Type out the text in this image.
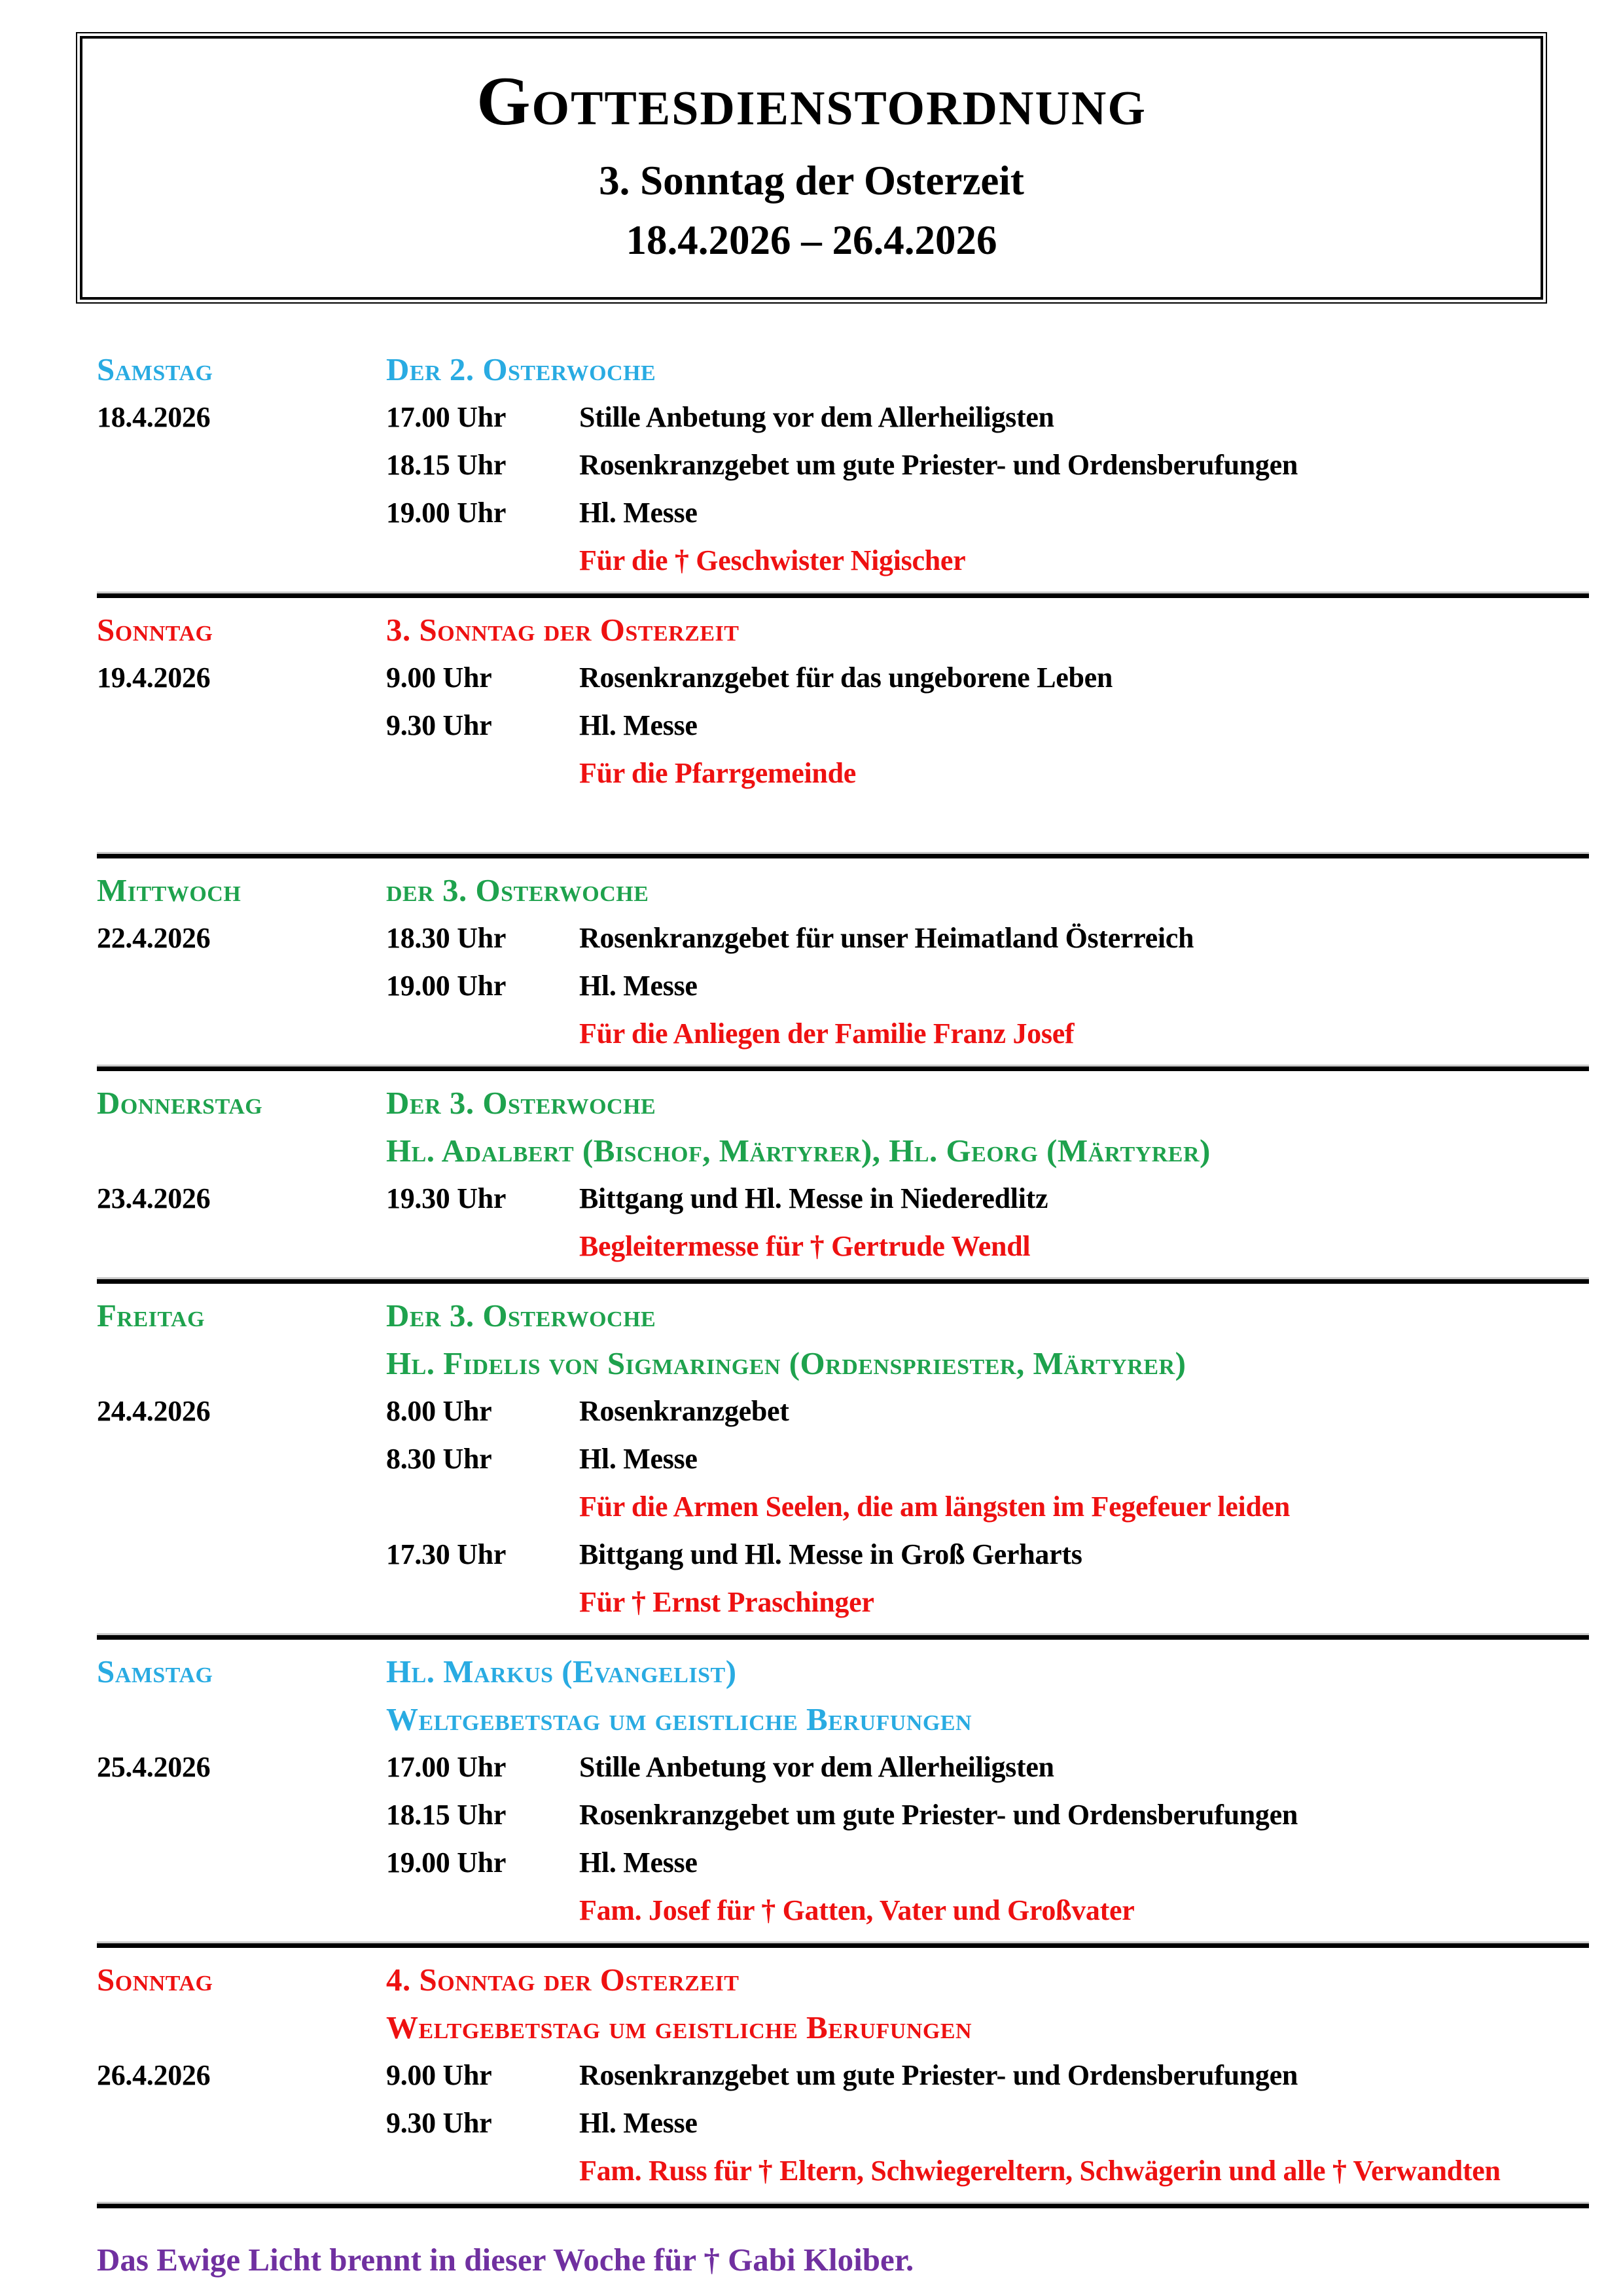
Gottesdienstordnung
3. Sonntag der Osterzeit
18.4.2026 – 26.4.2026
Samstag	Der 2. Osterwoche
18.4.2026	17.00 Uhr	Stille Anbetung vor dem Allerheiligsten
18.15 Uhr	Rosenkranzgebet um gute Priester- und Ordensberufungen
19.00 Uhr	Hl. Messe
Für die † Geschwister Nigischer
Sonntag	3. Sonntag der Osterzeit
19.4.2026	9.00 Uhr	Rosenkranzgebet für das ungeborene Leben
9.30 Uhr	Hl. Messe
Für die Pfarrgemeinde
Mittwoch	der 3. Osterwoche
22.4.2026	18.30 Uhr	Rosenkranzgebet für unser Heimatland Österreich
19.00 Uhr	Hl. Messe
Für die Anliegen der Familie Franz Josef
Donnerstag	Der 3. Osterwoche
Hl. Adalbert (Bischof, Märtyrer), Hl. Georg (Märtyrer)
23.4.2026	19.30 Uhr	Bittgang und Hl. Messe in Niederedlitz
Begleitermesse für † Gertrude Wendl
Freitag	Der 3. Osterwoche
Hl. Fidelis von Sigmaringen (Ordenspriester, Märtyrer)
24.4.2026	8.00 Uhr	Rosenkranzgebet
8.30 Uhr	Hl. Messe
Für die Armen Seelen, die am längsten im Fegefeuer leiden
17.30 Uhr	Bittgang und Hl. Messe in Groß Gerharts
Für † Ernst Praschinger
Samstag	Hl. Markus (Evangelist)
Weltgebetstag um geistliche Berufungen
25.4.2026	17.00 Uhr	Stille Anbetung vor dem Allerheiligsten
18.15 Uhr	Rosenkranzgebet um gute Priester- und Ordensberufungen
19.00 Uhr	Hl. Messe
Fam. Josef für † Gatten, Vater und Großvater
Sonntag	4. Sonntag der Osterzeit
Weltgebetstag um geistliche Berufungen
26.4.2026	9.00 Uhr	Rosenkranzgebet um gute Priester- und Ordensberufungen
9.30 Uhr	Hl. Messe
Fam. Russ für † Eltern, Schwiegereltern, Schwägerin und alle † Verwandten
Das Ewige Licht brennt in dieser Woche für † Gabi Kloiber.
